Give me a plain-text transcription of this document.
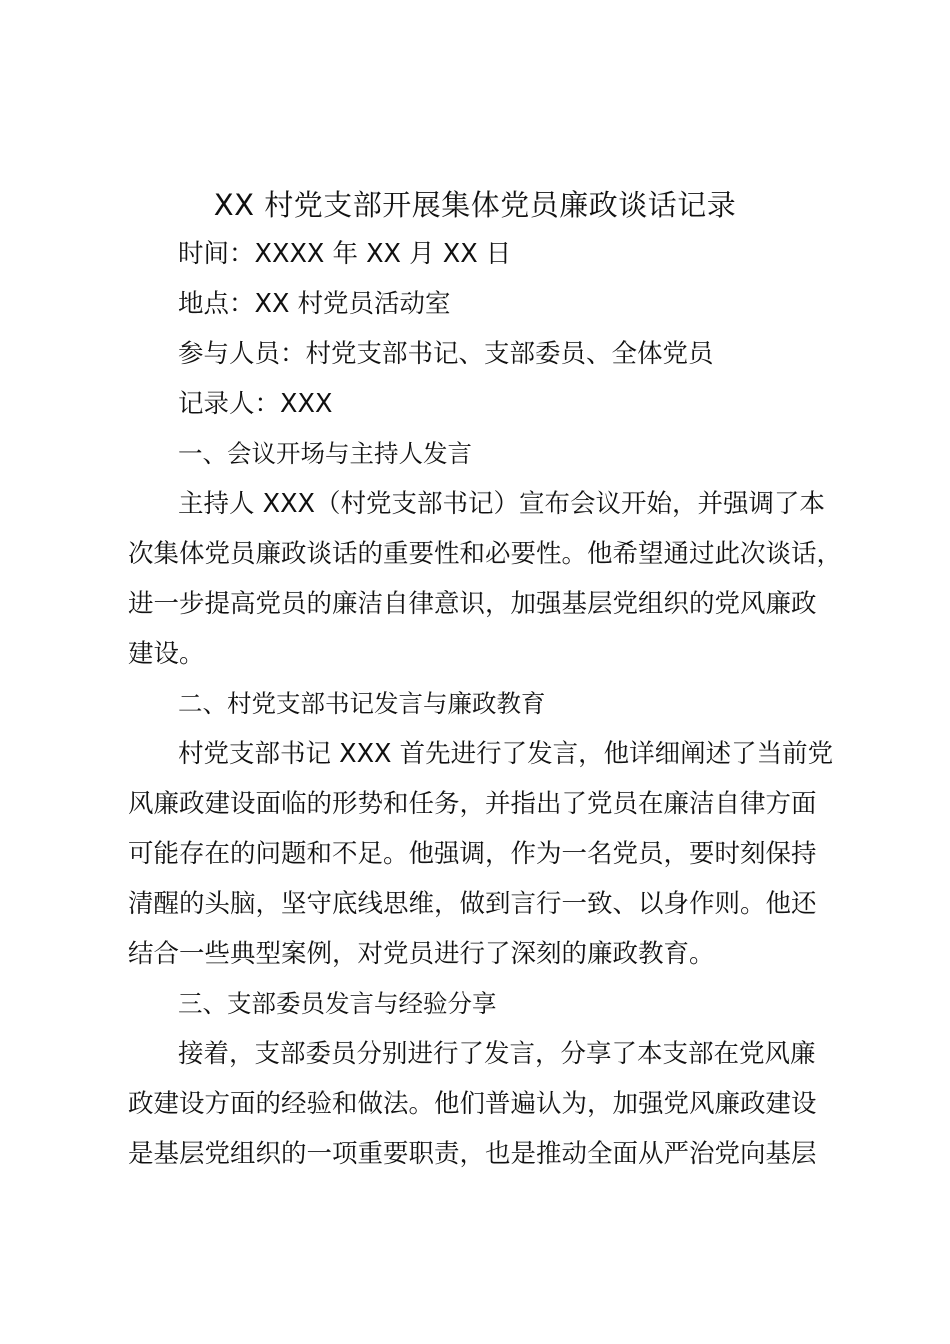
XX 村党支部开展集体党员廉政谈话记录
时间：XXXX 年 XX 月 XX 日
地点：XX 村党员活动室
参与人员：村党支部书记、支部委员、全体党员
记录人：XXX
一、会议开场与主持人发言
主持人 XXX（村党支部书记）宣布会议开始，并强调了本
次集体党员廉政谈话的重要性和必要性。他希望通过此次谈话，
进一步提高党员的廉洁自律意识，加强基层党组织的党风廉政
建设。
二、村党支部书记发言与廉政教育
村党支部书记 XXX 首先进行了发言，他详细阐述了当前党
风廉政建设面临的形势和任务，并指出了党员在廉洁自律方面
可能存在的问题和不足。他强调，作为一名党员，要时刻保持
清醒的头脑，坚守底线思维，做到言行一致、以身作则。他还
结合一些典型案例，对党员进行了深刻的廉政教育。
三、支部委员发言与经验分享
接着，支部委员分别进行了发言，分享了本支部在党风廉
政建设方面的经验和做法。他们普遍认为，加强党风廉政建设
是基层党组织的一项重要职责，也是推动全面从严治党向基层
